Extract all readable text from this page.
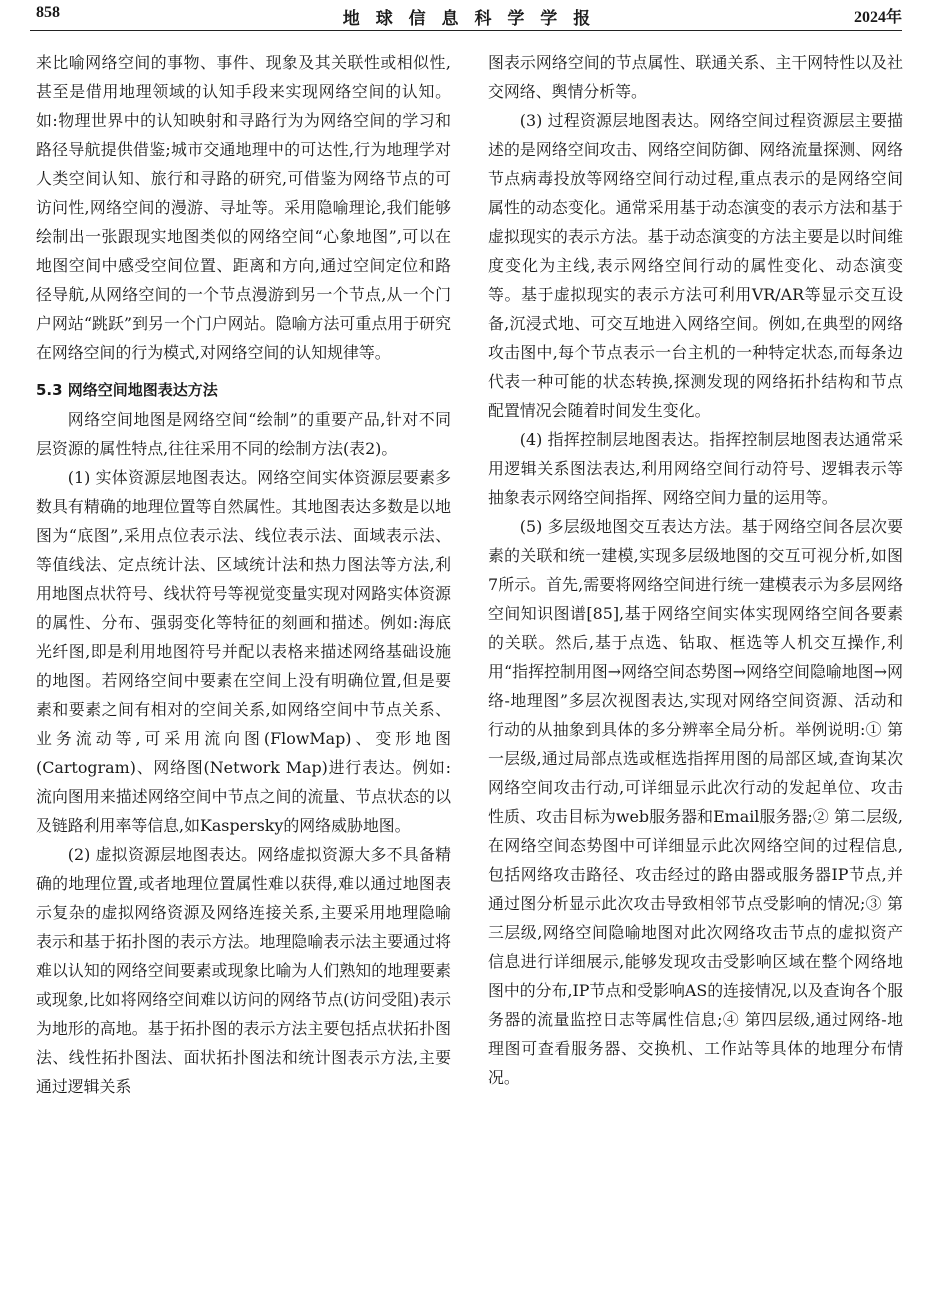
858	地 球 信 息 科 学 学 报	2024年

来比喻网络空间的事物、事件、现象及其关联性或相似性,甚至是借用地理领域的认知手段来实现网络空间的认知。如:物理世界中的认知映射和寻路行为为网络空间的学习和路径导航提供借鉴;城市交通地理中的可达性,行为地理学对人类空间认知、旅行和寻路的研究,可借鉴为网络节点的可访问性,网络空间的漫游、寻址等。采用隐喻理论,我们能够绘制出一张跟现实地图类似的网络空间“心象地图”,可以在地图空间中感受空间位置、距离和方向,通过空间定位和路径导航,从网络空间的一个节点漫游到另一个节点,从一个门户网站“跳跃”到另一个门户网站。隐喻方法可重点用于研究在网络空间的行为模式,对网络空间的认知规律等。

5.3 网络空间地图表达方法

网络空间地图是网络空间“绘制”的重要产品,针对不同层资源的属性特点,往往采用不同的绘制方法(表2)。

(1) 实体资源层地图表达。网络空间实体资源层要素多数具有精确的地理位置等自然属性。其地图表达多数是以地图为“底图”,采用点位表示法、线位表示法、面域表示法、等值线法、定点统计法、区域统计法和热力图法等方法,利用地图点状符号、线状符号等视觉变量实现对网路实体资源的属性、分布、强弱变化等特征的刻画和描述。例如:海底光纤图,即是利用地图符号并配以表格来描述网络基础设施的地图。若网络空间中要素在空间上没有明确位置,但是要素和要素之间有相对的空间关系,如网络空间中节点关系、业务流动等,可采用流向图(FlowMap)、变形地图(Cartogram)、网络图(Network Map)进行表达。例如:流向图用来描述网络空间中节点之间的流量、节点状态的以及链路利用率等信息,如Kaspersky的网络威胁地图。

(2) 虚拟资源层地图表达。网络虚拟资源大多不具备精确的地理位置,或者地理位置属性难以获得,难以通过地图表示复杂的虚拟网络资源及网络连接关系,主要采用地理隐喻表示和基于拓扑图的表示方法。地理隐喻表示法主要通过将难以认知的网络空间要素或现象比喻为人们熟知的地理要素或现象,比如将网络空间难以访问的网络节点(访问受阻)表示为地形的高地。基于拓扑图的表示方法主要包括点状拓扑图法、线性拓扑图法、面状拓扑图法和统计图表示方法,主要通过逻辑关系

图表示网络空间的节点属性、联通关系、主干网特性以及社交网络、舆情分析等。

(3) 过程资源层地图表达。网络空间过程资源层主要描述的是网络空间攻击、网络空间防御、网络流量探测、网络节点病毒投放等网络空间行动过程,重点表示的是网络空间属性的动态变化。通常采用基于动态演变的表示方法和基于虚拟现实的表示方法。基于动态演变的方法主要是以时间维度变化为主线,表示网络空间行动的属性变化、动态演变等。基于虚拟现实的表示方法可利用VR/AR等显示交互设备,沉浸式地、可交互地进入网络空间。例如,在典型的网络攻击图中,每个节点表示一台主机的一种特定状态,而每条边代表一种可能的状态转换,探测发现的网络拓扑结构和节点配置情况会随着时间发生变化。

(4) 指挥控制层地图表达。指挥控制层地图表达通常采用逻辑关系图法表达,利用网络空间行动符号、逻辑表示等抽象表示网络空间指挥、网络空间力量的运用等。

(5) 多层级地图交互表达方法。基于网络空间各层次要素的关联和统一建模,实现多层级地图的交互可视分析,如图7所示。首先,需要将网络空间进行统一建模表示为多层网络空间知识图谱[85],基于网络空间实体实现网络空间各要素的关联。然后,基于点选、钻取、框选等人机交互操作,利用“指挥控制用图→网络空间态势图→网络空间隐喻地图→网络-地理图”多层次视图表达,实现对网络空间资源、活动和行动的从抽象到具体的多分辨率全局分析。举例说明:① 第一层级,通过局部点选或框选指挥用图的局部区域,查询某次网络空间攻击行动,可详细显示此次行动的发起单位、攻击性质、攻击目标为web服务器和Email服务器;② 第二层级,在网络空间态势图中可详细显示此次网络空间的过程信息,包括网络攻击路径、攻击经过的路由器或服务器IP节点,并通过图分析显示此次攻击导致相邻节点受影响的情况;③ 第三层级,网络空间隐喻地图对此次网络攻击节点的虚拟资产信息进行详细展示,能够发现攻击受影响区域在整个网络地图中的分布,IP节点和受影响AS的连接情况,以及查询各个服务器的流量监控日志等属性信息;④ 第四层级,通过网络-地理图可查看服务器、交换机、工作站等具体的地理分布情况。
